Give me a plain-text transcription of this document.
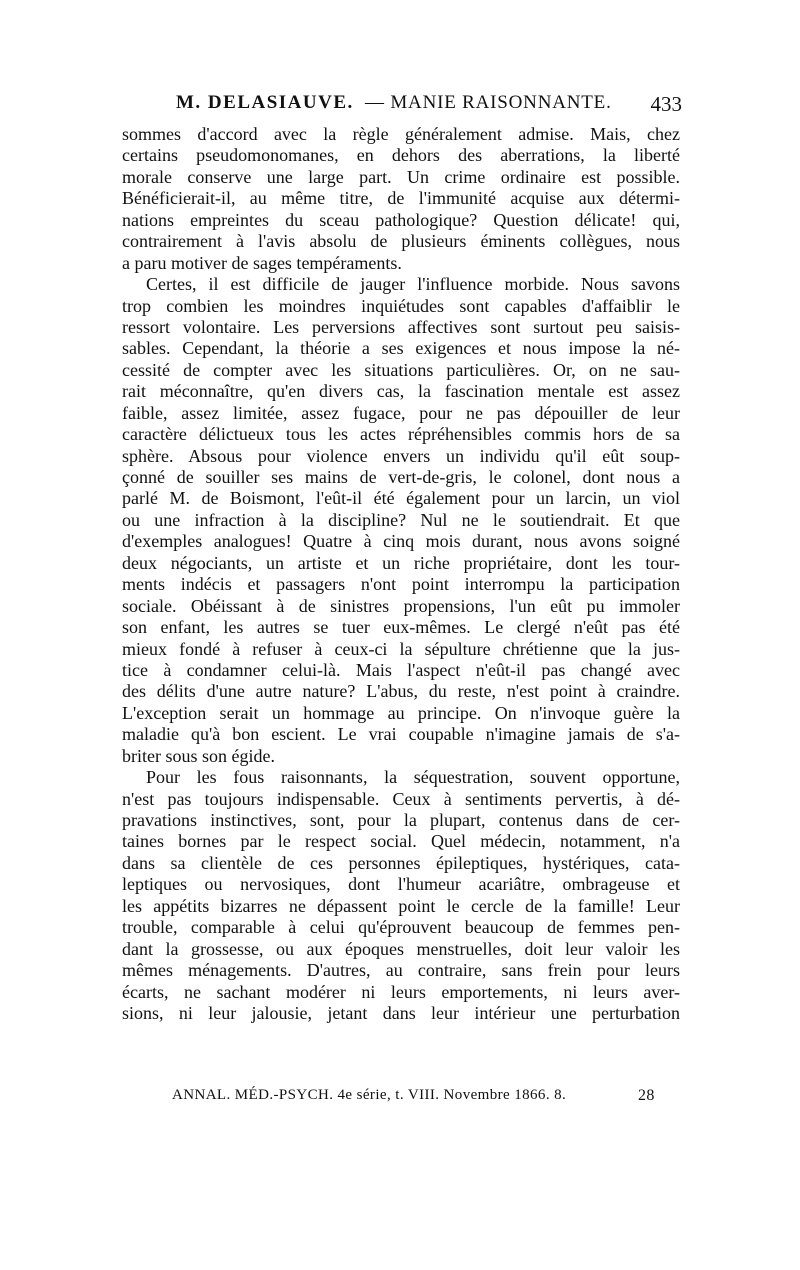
M. DELASIAUVE. — MANIE RAISONNANTE. 433
sommes d'accord avec la règle généralement admise. Mais, chez
certains pseudomonomanes, en dehors des aberrations, la liberté
morale conserve une large part. Un crime ordinaire est possible.
Bénéficierait-il, au même titre, de l'immunité acquise aux détermi-
nations empreintes du sceau pathologique? Question délicate! qui,
contrairement à l'avis absolu de plusieurs éminents collègues, nous
a paru motiver de sages tempéraments.
Certes, il est difficile de jauger l'influence morbide. Nous savons
trop combien les moindres inquiétudes sont capables d'affaiblir le
ressort volontaire. Les perversions affectives sont surtout peu saisis-
sables. Cependant, la théorie a ses exigences et nous impose la né-
cessité de compter avec les situations particulières. Or, on ne sau-
rait méconnaître, qu'en divers cas, la fascination mentale est assez
faible, assez limitée, assez fugace, pour ne pas dépouiller de leur
caractère délictueux tous les actes répréhensibles commis hors de sa
sphère. Absous pour violence envers un individu qu'il eût soup-
çonné de souiller ses mains de vert-de-gris, le colonel, dont nous a
parlé M. de Boismont, l'eût-il été également pour un larcin, un viol
ou une infraction à la discipline? Nul ne le soutiendrait. Et que
d'exemples analogues! Quatre à cinq mois durant, nous avons soigné
deux négociants, un artiste et un riche propriétaire, dont les tour-
ments indécis et passagers n'ont point interrompu la participation
sociale. Obéissant à de sinistres propensions, l'un eût pu immoler
son enfant, les autres se tuer eux-mêmes. Le clergé n'eût pas été
mieux fondé à refuser à ceux-ci la sépulture chrétienne que la jus-
tice à condamner celui-là. Mais l'aspect n'eût-il pas changé avec
des délits d'une autre nature? L'abus, du reste, n'est point à craindre.
L'exception serait un hommage au principe. On n'invoque guère la
maladie qu'à bon escient. Le vrai coupable n'imagine jamais de s'a-
briter sous son égide.
Pour les fous raisonnants, la séquestration, souvent opportune,
n'est pas toujours indispensable. Ceux à sentiments pervertis, à dé-
pravations instinctives, sont, pour la plupart, contenus dans de cer-
taines bornes par le respect social. Quel médecin, notamment, n'a
dans sa clientèle de ces personnes épileptiques, hystériques, cata-
leptiques ou nervosiques, dont l'humeur acariâtre, ombrageuse et
les appétits bizarres ne dépassent point le cercle de la famille! Leur
trouble, comparable à celui qu'éprouvent beaucoup de femmes pen-
dant la grossesse, ou aux époques menstruelles, doit leur valoir les
mêmes ménagements. D'autres, au contraire, sans frein pour leurs
écarts, ne sachant modérer ni leurs emportements, ni leurs aver-
sions, ni leur jalousie, jetant dans leur intérieur une perturbation
ANNAL. MÉD.-PSYCH. 4e série, t. VIII. Novembre 1866. 8.	28
